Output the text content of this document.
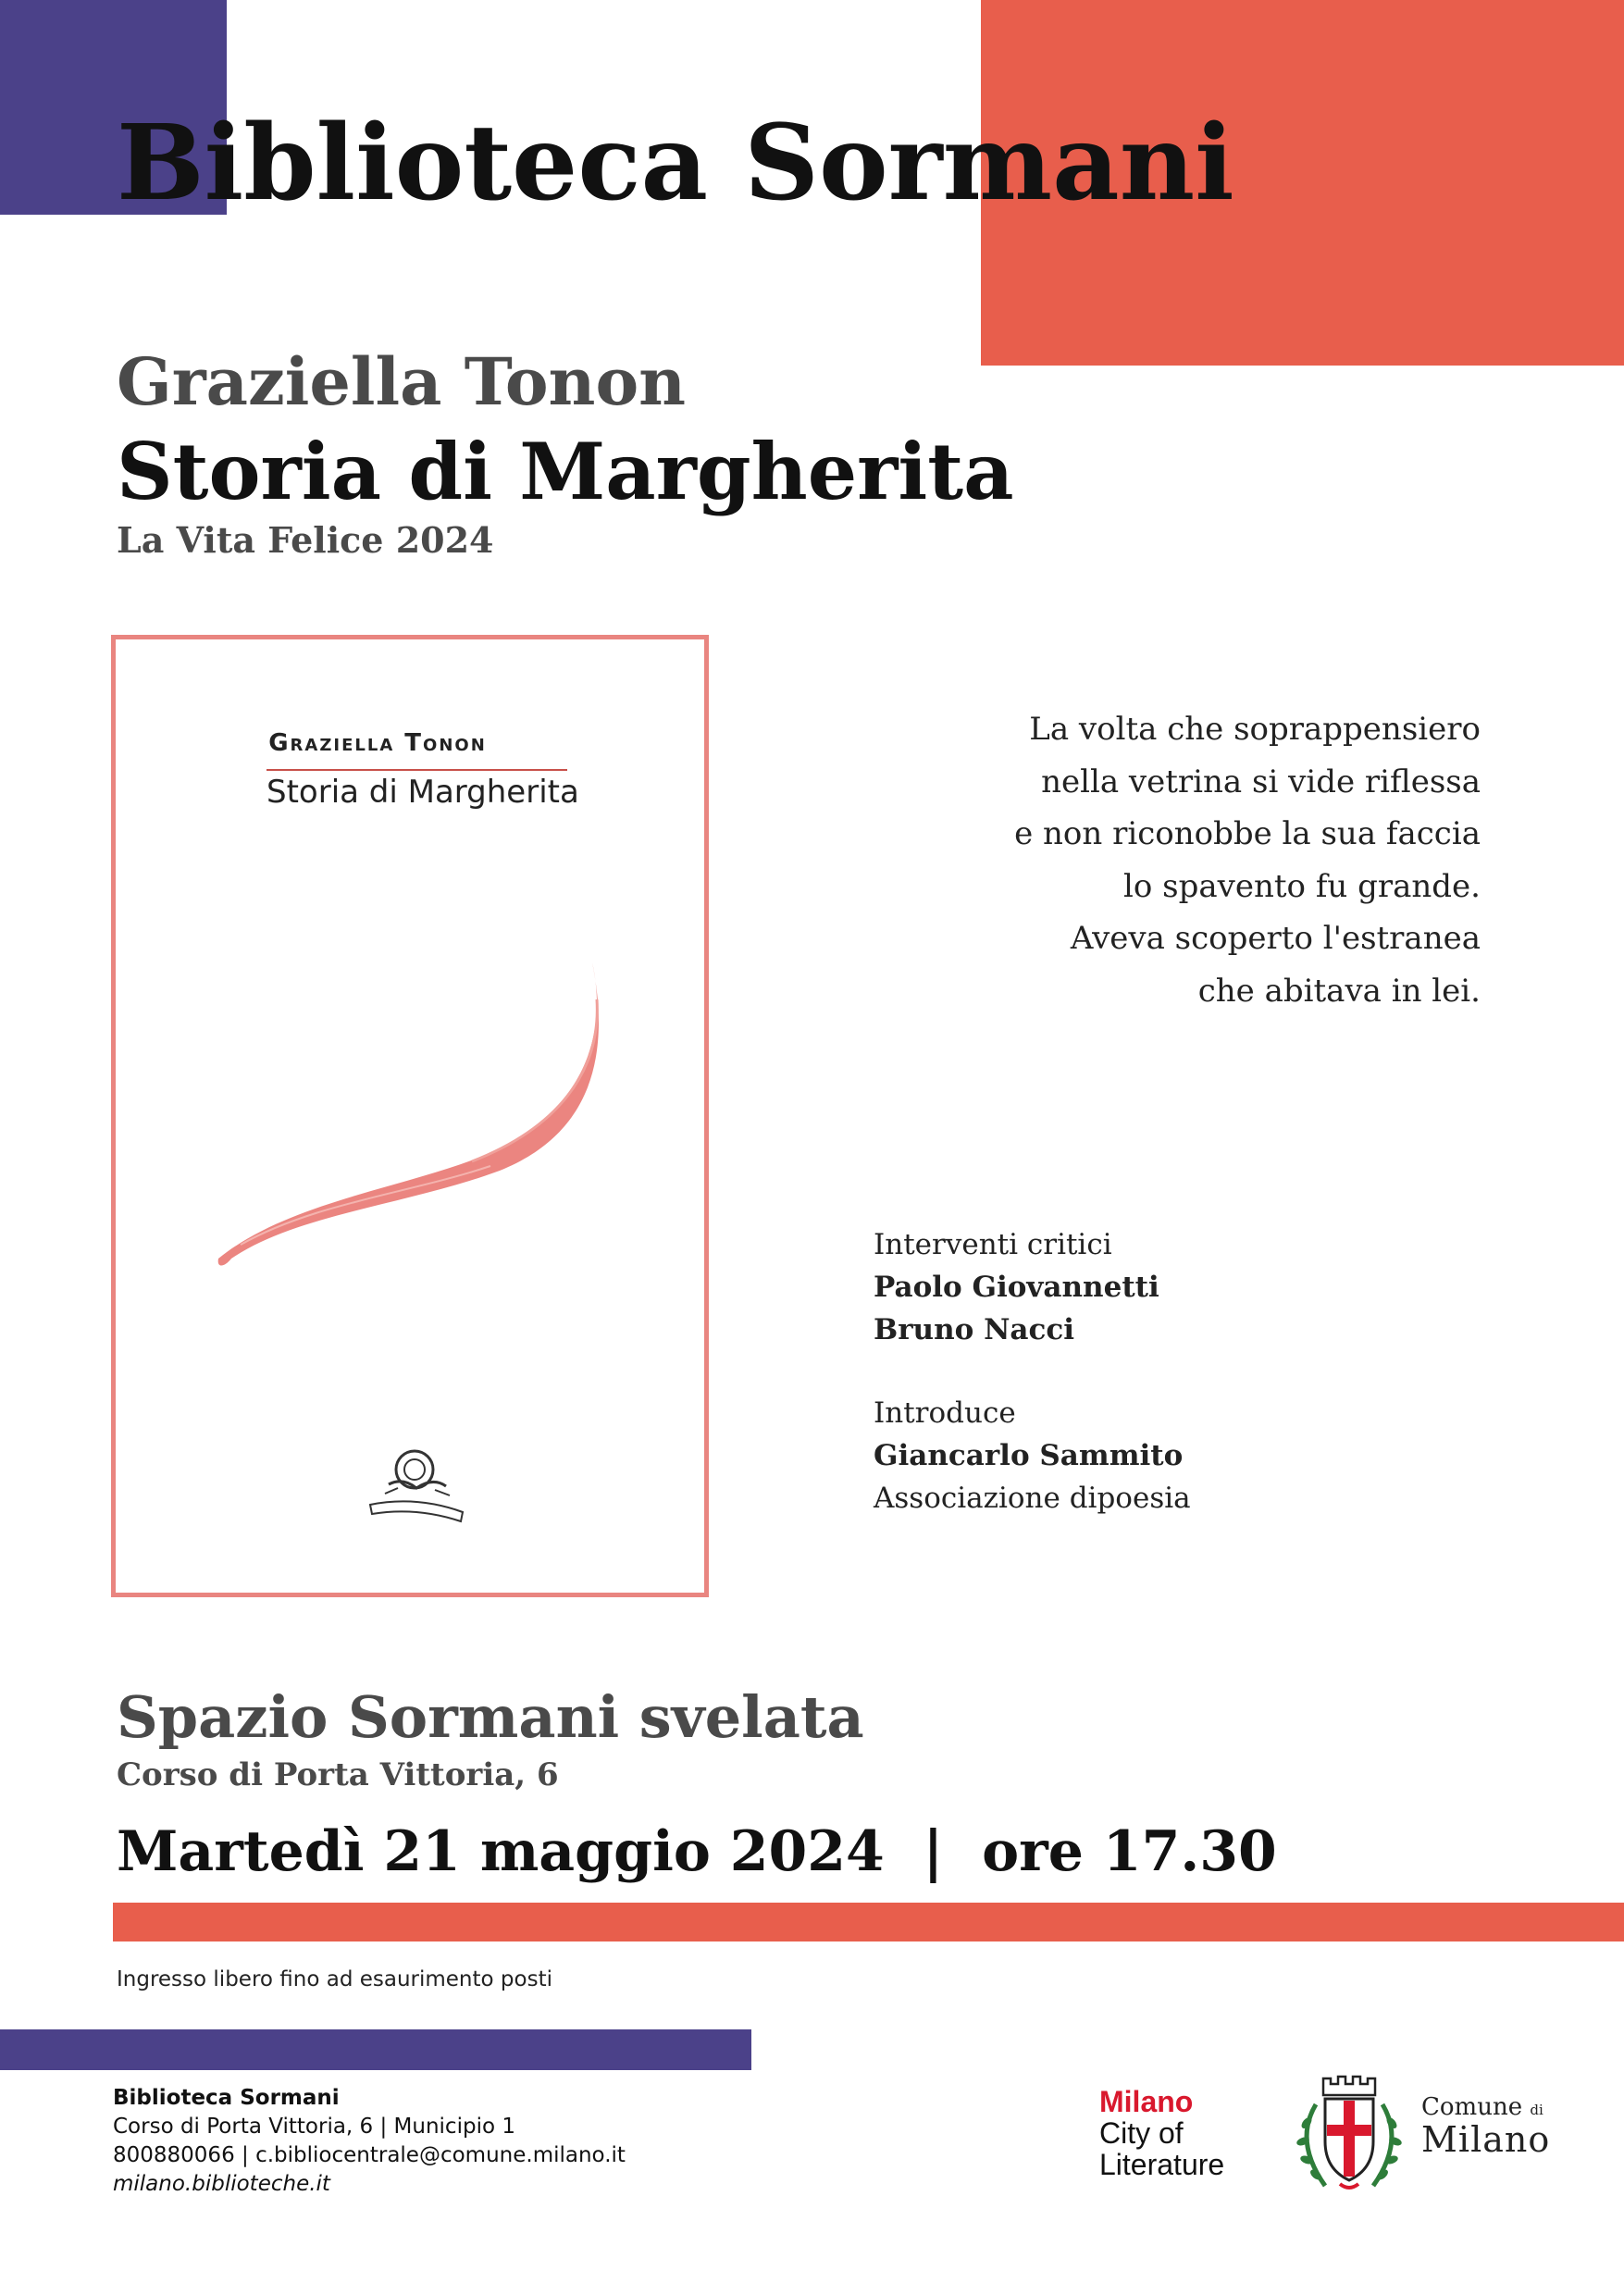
Biblioteca Sormani
Graziella Tonon
Storia di Margherita
La Vita Felice 2024
Graziella Tonon
Storia di Margherita
La volta che soprappensiero
nella vetrina si vide riflessa
e non riconobbe la sua faccia
lo spavento fu grande.
Aveva scoperto l'estranea
che abitava in lei.
Interventi critici
Paolo Giovannetti
Bruno Nacci
Introduce
Giancarlo Sammito
Associazione dipoesia
Spazio Sormani svelata
Corso di Porta Vittoria, 6
Martedì 21 maggio 2024  |  ore 17.30
Ingresso libero fino ad esaurimento posti
Biblioteca Sormani
Corso di Porta Vittoria, 6 | Municipio 1
800880066 | c.bibliocentrale@comune.milano.it
milano.biblioteche.it
Milano
City of
Literature
Comune di
Milano
